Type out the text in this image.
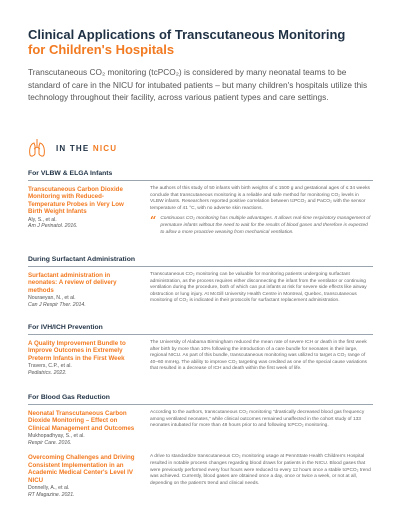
Clinical Applications of Transcutaneous Monitoring
for Children's Hospitals
Transcutaneous CO₂ monitoring (tcPCO₂) is considered by many neonatal teams to be standard of care in the NICU for intubated patients – but many children's hospitals utilize this technology throughout their facility, across various patient types and care settings.
IN THE NICU
For VLBW & ELGA Infants
Transcutaneous Carbon Dioxide Monitoring with Reduced-Temperature Probes in Very Low Birth Weight Infants
Aly, S., et al.
Am J Perinatol. 2016.
The authors of this study of 50 infants with birth weights of ≤ 1500 g and gestational ages of ≤ 34 weeks conclude that transcutaneous monitoring is a reliable and safe method for monitoring CO₂ levels in VLBW infants. Researchers reported positive correlation between tcPCO₂ and PaCO₂ with the sensor temperature of 41 °C, with no adverse skin reactions.
“ Continuous CO₂ monitoring has multiple advantages. It allows real-time respiratory management of premature infants without the need to wait for the results of blood gases and therefore is expected to allow a more proactive weaning from mechanical ventilation.
During Surfactant Administration
Surfactant administration in neonates: A review of delivery methods
Nouraeyan, N., et al.
Can J Respir Ther. 2014.
Transcutaneous CO₂ monitoring can be valuable for monitoring patients undergoing surfactant administration, as the process requires either disconnecting the infant from the ventilator or continuing ventilation during the procedure, both of which can put infants at risk for severe side effects like airway obstruction or lung injury. At McGill University Health Centre in Montreal, Quebec, transcutaneous monitoring of CO₂ is indicated in their protocols for surfactant replacement administration.
For IVH/ICH Prevention
A Quality Improvement Bundle to Improve Outcomes in Extremely Preterm Infants in the First Week
Travers, C.P., et al.
Pediatrics. 2022.
The University of Alabama Birmingham reduced the mean rate of severe ICH or death in the first week after birth by more than 10% following the introduction of a care bundle for neonates in their large, regional NICU. As part of this bundle, transcutaneous monitoring was utilized to target a CO₂ range of 40–60 mmHg. The ability to improve CO₂ targeting was credited as one of the special cause variations that resulted in a decrease of ICH and death within the first week of life.
For Blood Gas Reduction
Neonatal Transcutaneous Carbon Dioxide Monitoring – Effect on Clinical Management and Outcomes
Mukhopadhyay, S., et al.
Respir Care. 2016.
According to the authors, transcutaneous CO₂ monitoring "drastically decreased blood gas frequency among ventilated neonates," while clinical outcomes remained unaffected in the cohort study of 133 neonates intubated for more than 48 hours prior to and following tcPCO₂ monitoring.
Overcoming Challenges and Driving Consistent Implementation in an Academic Medical Center's Level IV NICU
Donnelly, A., et al.
RT Magazine. 2021.
A drive to standardize transcutaneous CO₂ monitoring usage at PennState Health Children's Hospital resulted in notable process changes regarding blood draws for patients in the NICU. Blood gases that were previously performed every four hours were reduced to every 12 hours once a stable tcPCO₂ trend was achieved. Currently, blood gases are obtained once a day, once or twice a week, or not at all, depending on the patient's trend and clinical needs.
